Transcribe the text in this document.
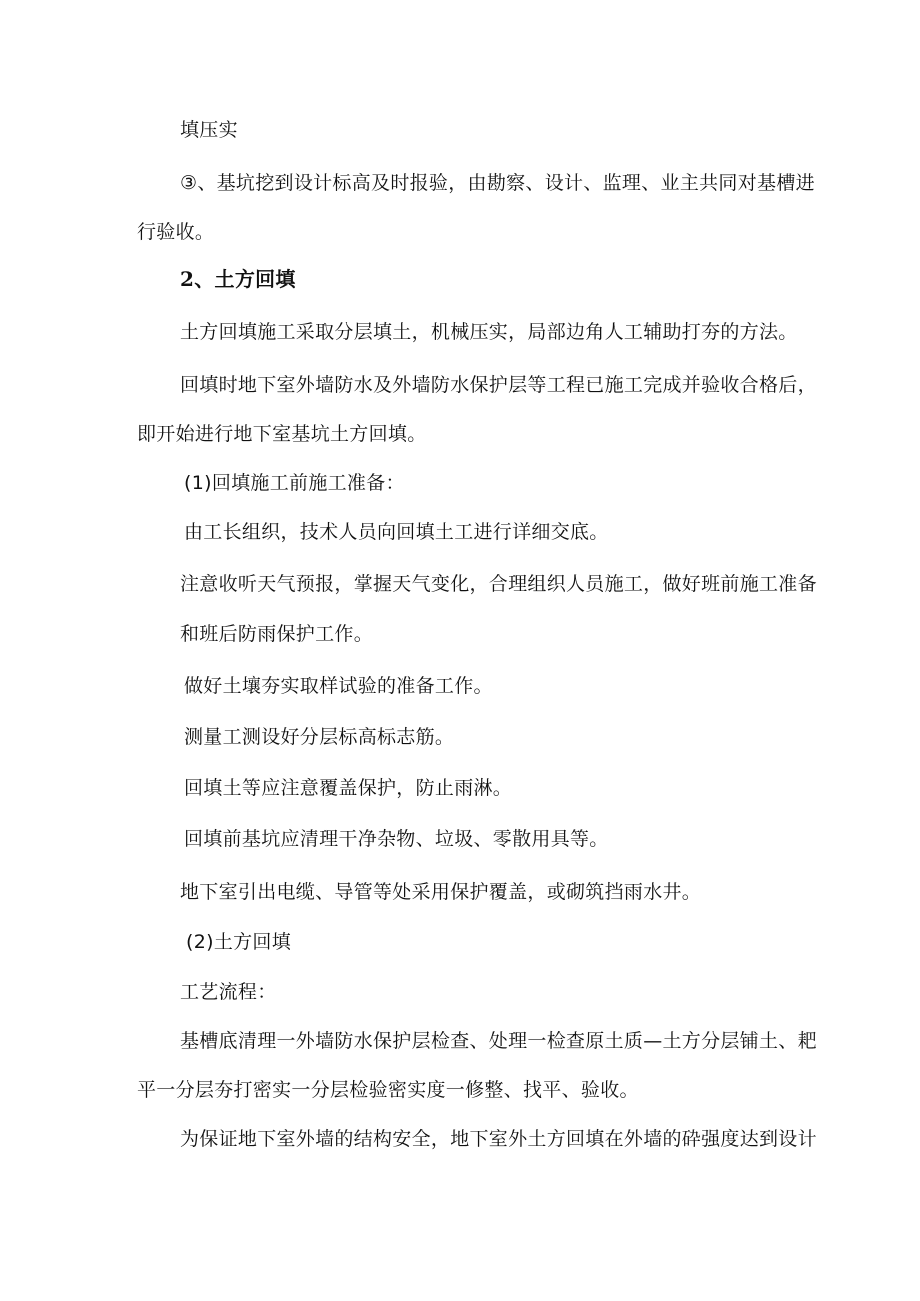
填压实
③、基坑挖到设计标高及时报验，由勘察、设计、监理、业主共同对基槽进
行验收。
2、土方回填
土方回填施工采取分层填土，机械压实，局部边角人工辅助打夯的方法。
回填时地下室外墙防水及外墙防水保护层等工程已施工完成并验收合格后，
即开始进行地下室基坑土方回填。
(1)回填施工前施工准备：
由工长组织，技术人员向回填土工进行详细交底。
注意收听天气预报，掌握天气变化，合理组织人员施工，做好班前施工准备
和班后防雨保护工作。
做好土壤夯实取样试验的准备工作。
测量工测设好分层标高标志筋。
回填土等应注意覆盖保护，防止雨淋。
回填前基坑应清理干净杂物、垃圾、零散用具等。
地下室引出电缆、导管等处采用保护覆盖，或砌筑挡雨水井。
(2)土方回填
工艺流程：
基槽底清理一外墙防水保护层检查、处理一检查原土质—土方分层铺土、耙
平一分层夯打密实一分层检验密实度一修整、找平、验收。
为保证地下室外墙的结构安全，地下室外土方回填在外墙的砕强度达到设计
